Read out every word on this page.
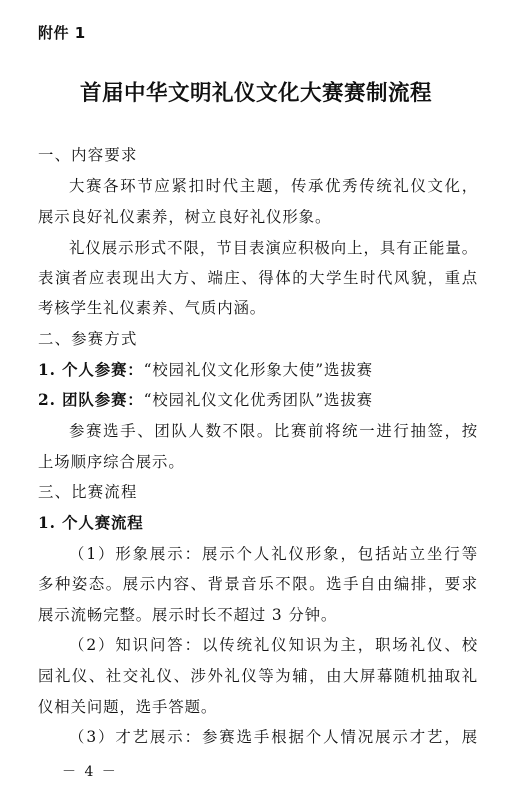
附件 1
首届中华文明礼仪文化大赛赛制流程
一、内容要求
大赛各环节应紧扣时代主题，传承优秀传统礼仪文化，
展示良好礼仪素养，树立良好礼仪形象。
礼仪展示形式不限，节目表演应积极向上，具有正能量。
表演者应表现出大方、端庄、得体的大学生时代风貌，重点
考核学生礼仪素养、气质内涵。
二、参赛方式
1. 个人参赛：“校园礼仪文化形象大使”选拔赛
2. 团队参赛：“校园礼仪文化优秀团队”选拔赛
参赛选手、团队人数不限。比赛前将统一进行抽签，按
上场顺序综合展示。
三、比赛流程
1. 个人赛流程
（1）形象展示：展示个人礼仪形象，包括站立坐行等
多种姿态。展示内容、背景音乐不限。选手自由编排，要求
展示流畅完整。展示时长不超过 3 分钟。
（2）知识问答：以传统礼仪知识为主，职场礼仪、校
园礼仪、社交礼仪、涉外礼仪等为辅，由大屏幕随机抽取礼
仪相关问题，选手答题。
（3）才艺展示：参赛选手根据个人情况展示才艺，展
－ 4 －
